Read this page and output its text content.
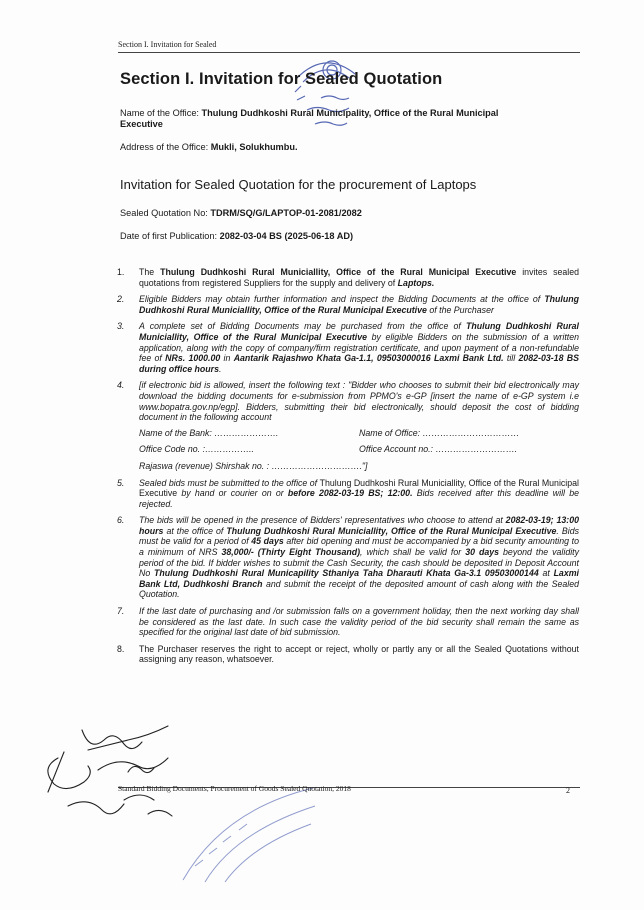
Section I. Invitation for Sealed
Section I. Invitation for Sealed Quotation
Name of the Office: Thulung Dudhkoshi Rural Municipality, Office of the Rural Municipal
Executive
Address of the Office: Mukli, Solukhumbu.
Invitation for Sealed Quotation for the procurement of Laptops
Sealed Quotation No: TDRM/SQ/G/LAPTOP-01-2081/2082
Date of first Publication: 2082-03-04 BS (2025-06-18 AD)
1. The Thulung Dudhkoshi Rural Municiallity, Office of the Rural Municipal Executive invites sealed quotations from registered Suppliers for the supply and delivery of Laptops.
2. Eligible Bidders may obtain further information and inspect the Bidding Documents at the office of Thulung Dudhkoshi Rural Municiallity, Office of the Rural Municipal Executive of the Purchaser
3. A complete set of Bidding Documents may be purchased from the office of Thulung Dudhkoshi Rural Municiallity, Office of the Rural Municipal Executive by eligible Bidders on the submission of a written application, along with the copy of company/firm registration certificate, and upon payment of a non-refundable fee of NRs. 1000.00 in Aantarik Rajashwo Khata Ga-1.1, 09503000016 Laxmi Bank Ltd. till 2082-03-18 BS during office hours.
4. [if electronic bid is allowed, insert the following text : "Bidder who chooses to submit their bid electronically may download the bidding documents for e-submission from PPMO's e-GP [insert the name of e-GP system i.e www.bopatra.gov.np/egp]. Bidders, submitting their bid electronically, should deposit the cost of bidding document in the following account
Name of the Bank: ………………….	Name of Office: ……………………………
Office Code no. :……………..	Office Account no.: ……………………….
Rajaswa (revenue) Shirshak no. : …………………………."]
5. Sealed bids must be submitted to the office of Thulung Dudhkoshi Rural Municiallity, Office of the Rural Municipal Executive by hand or courier on or before 2082-03-19 BS; 12:00. Bids received after this deadline will be rejected.
6. The bids will be opened in the presence of Bidders' representatives who choose to attend at 2082-03-19; 13:00 hours at the office of Thulung Dudhkoshi Rural Municiallity, Office of the Rural Municipal Executive. Bids must be valid for a period of 45 days after bid opening and must be accompanied by a bid security amounting to a minimum of NRS 38,000/- (Thirty Eight Thousand), which shall be valid for 30 days beyond the validity period of the bid. If bidder wishes to submit the Cash Security, the cash should be deposited in Deposit Account No Thulung Dudhkoshi Rural Municapility Sthaniya Taha Dharauti Khata Ga-3.1 09503000144 at Laxmi Bank Ltd, Dudhkoshi Branch and submit the receipt of the deposited amount of cash along with the Sealed Quotation.
7. If the last date of purchasing and /or submission falls on a government holiday, then the next working day shall be considered as the last date. In such case the validity period of the bid security shall remain the same as specified for the original last date of bid submission.
8. The Purchaser reserves the right to accept or reject, wholly or partly any or all the Sealed Quotations without assigning any reason, whatsoever.
Standard Bidding Documents, Procurement of Goods Sealed Quotation, 2018	2
